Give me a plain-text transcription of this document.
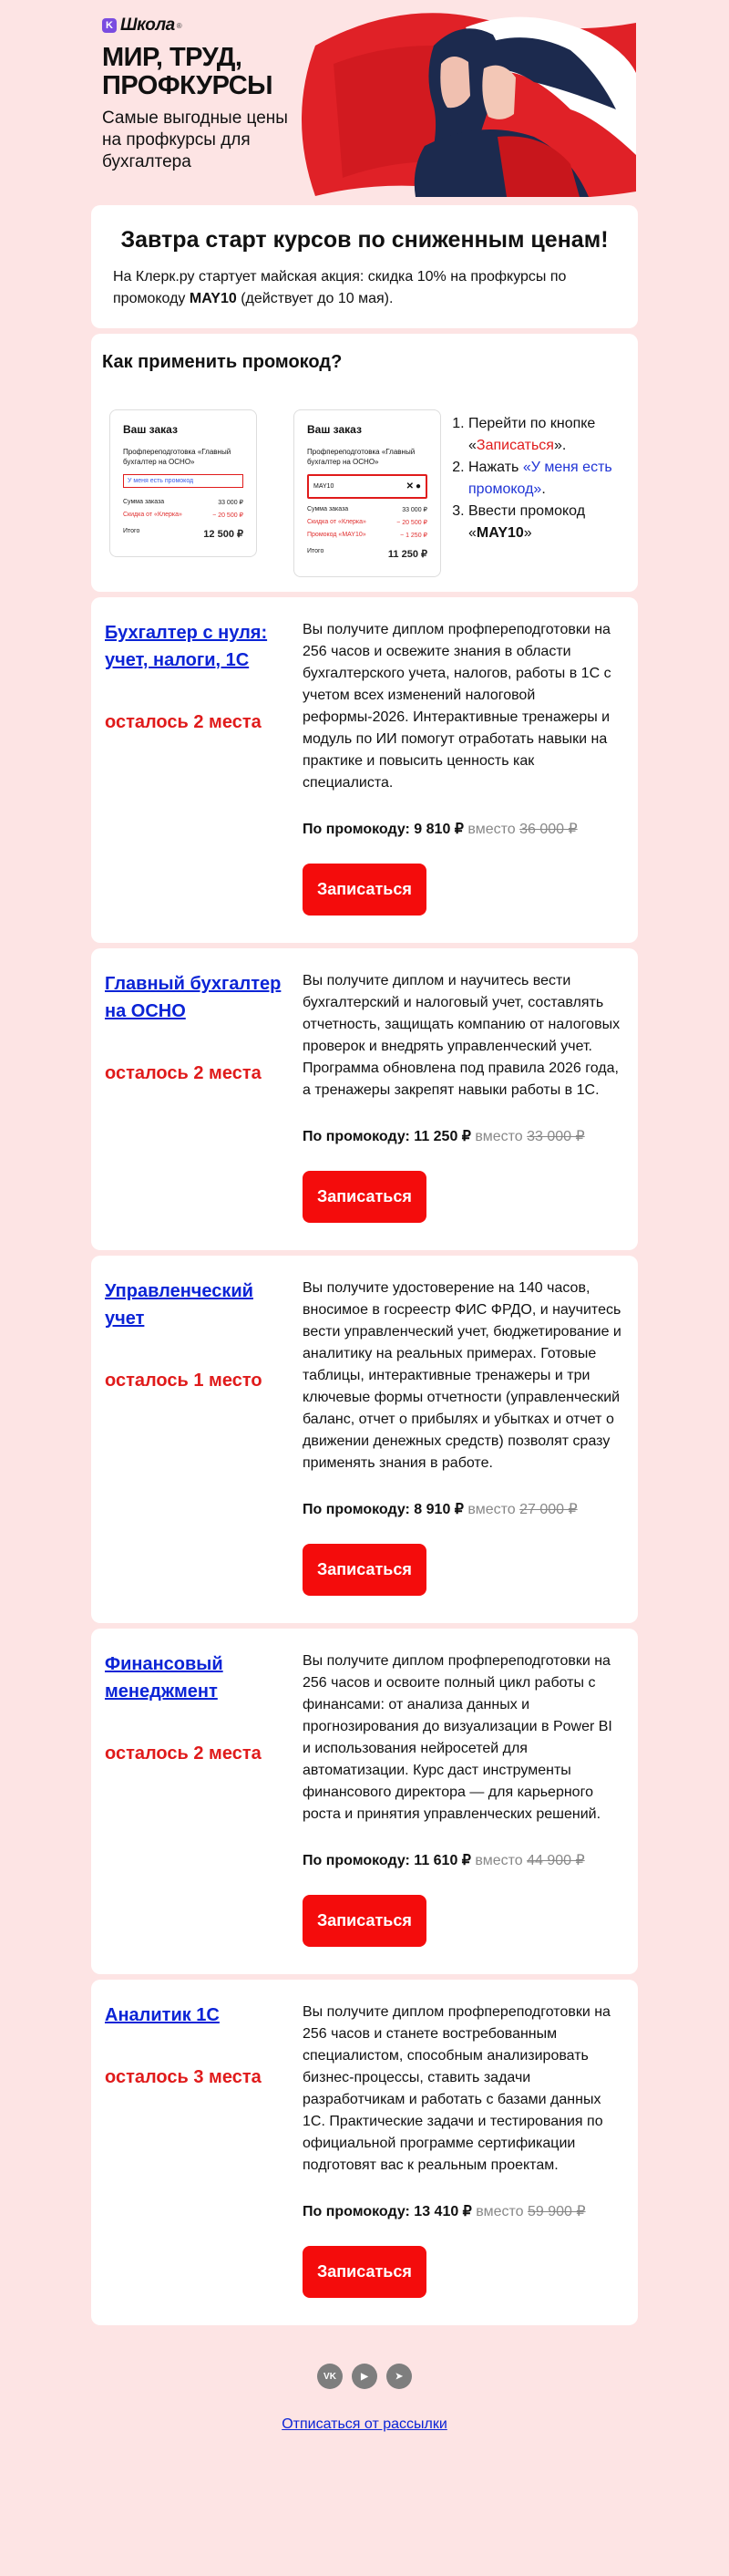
K Школа ®
МИР, ТРУД,
ПРОФКУРСЫ
Самые выгодные цены на профкурсы для бухгалтера
Завтра старт курсов по сниженным ценам!

На Клерк.ру стартует майская акция: скидка 10% на профкурсы по промокоду MAY10 (действует до 10 мая).

Как применить промокод?
Ваш заказ
Профпереподготовка «Главный бухгалтер на ОСНО»
У меня есть промокод
Сумма заказа	33 000 ₽
Скидка от «Клерка»	− 20 500 ₽
Итого	12 500 ₽
Ваш заказ
Профпереподготовка «Главный бухгалтер на ОСНО»
MAY10	✕ ●
Сумма заказа	33 000 ₽
Скидка от «Клерка»	− 20 500 ₽
Промокод «MAY10»	− 1 250 ₽
Итого	11 250 ₽
1. Перейти по кнопке «Записаться».
2. Нажать «У меня есть промокод».
3. Ввести промокод «MAY10»
Бухгалтер с нуля: учет, налоги, 1С
осталось 2 места

Вы получите диплом профпереподготовки на 256 часов и освежите знания в области бухгалтерского учета, налогов, работы в 1С с учетом всех изменений налоговой реформы-2026. Интерактивные тренажеры и модуль по ИИ помогут отработать навыки на практике и повысить ценность как специалиста.

По промокоду: 9 810 ₽ вместо 36 000 ₽
Записаться
Главный бухгалтер на ОСНО
осталось 2 места

Вы получите диплом и научитесь вести бухгалтерский и налоговый учет, составлять отчетность, защищать компанию от налоговых проверок и внедрять управленческий учет. Программа обновлена под правила 2026 года, а тренажеры закрепят навыки работы в 1С.

По промокоду: 11 250 ₽ вместо 33 000 ₽
Записаться
Управленческий учет
осталось 1 место

Вы получите удостоверение на 140 часов, вносимое в госреестр ФИС ФРДО, и научитесь вести управленческий учет, бюджетирование и аналитику на реальных примерах. Готовые таблицы, интерактивные тренажеры и три ключевые формы отчетности (управленческий баланс, отчет о прибылях и убытках и отчет о движении денежных средств) позволят сразу применять знания в работе.

По промокоду: 8 910 ₽ вместо 27 000 ₽
Записаться
Финансовый менеджмент
осталось 2 места

Вы получите диплом профпереподготовки на 256 часов и освоите полный цикл работы с финансами: от анализа данных и прогнозирования до визуализации в Power BI и использования нейросетей для автоматизации. Курс даст инструменты финансового директора — для карьерного роста и принятия управленческих решений.

По промокоду: 11 610 ₽ вместо 44 900 ₽
Записаться
Аналитик 1С
осталось 3 места

Вы получите диплом профпереподготовки на 256 часов и станете востребованным специалистом, способным анализировать бизнес-процессы, ставить задачи разработчикам и работать с базами данных 1С. Практические задачи и тестирования по официальной программе сертификации подготовят вас к реальным проектам.

По промокоду: 13 410 ₽ вместо 59 900 ₽
Записаться
VK	▶	➤
Отписаться от рассылки
